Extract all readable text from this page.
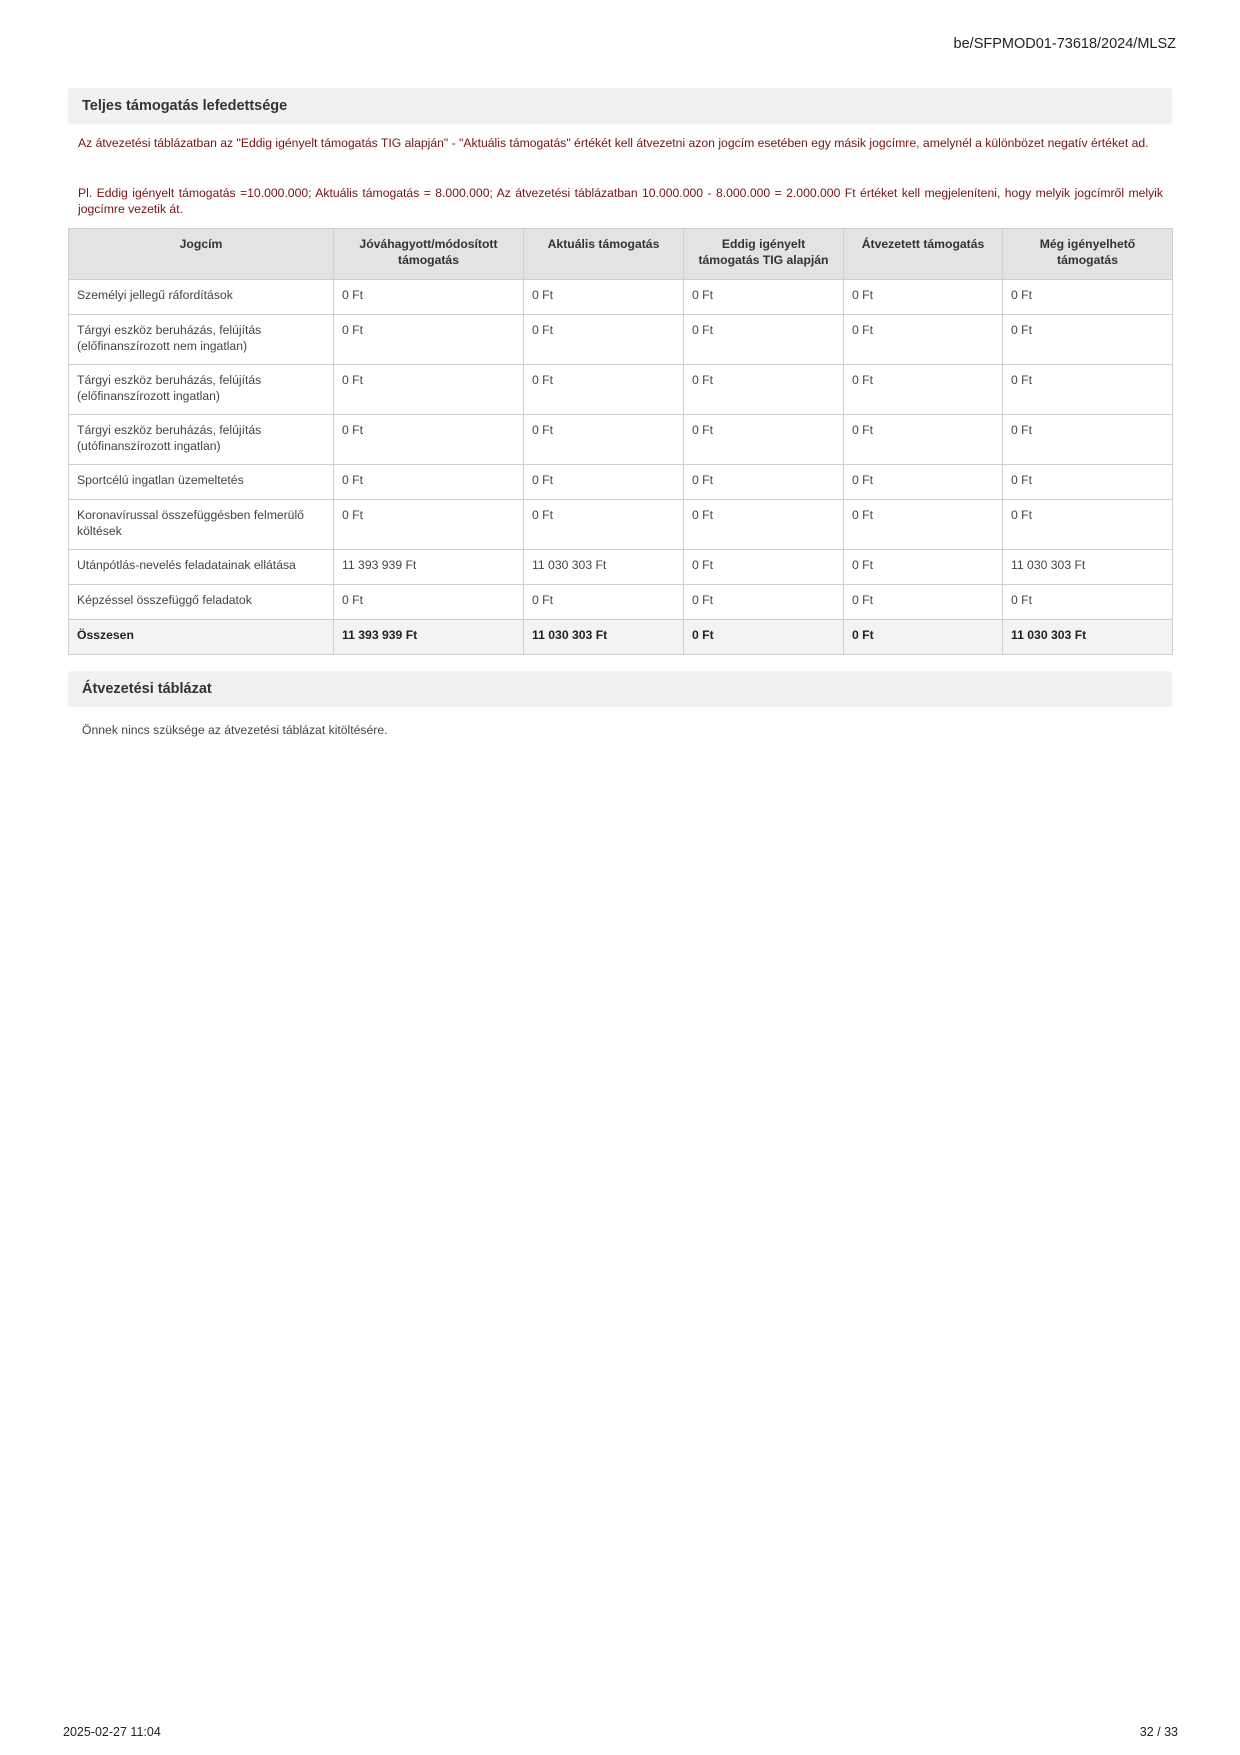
be/SFPMOD01-73618/2024/MLSZ
Teljes támogatás lefedettsége
Az átvezetési táblázatban az "Eddig igényelt támogatás TIG alapján" - "Aktuális támogatás" értékét kell átvezetni azon jogcím esetében egy másik jogcímre, amelynél a különbözet negatív értéket ad.
Pl. Eddig igényelt támogatás =10.000.000; Aktuális támogatás = 8.000.000; Az átvezetési táblázatban 10.000.000 - 8.000.000 = 2.000.000 Ft értéket kell megjeleníteni, hogy melyik jogcímről melyik jogcímre vezetik át.
Jogcím	Jóváhagyott/módosított támogatás	Aktuális támogatás	Eddig igényelt támogatás TIG alapján	Átvezetett támogatás	Még igényelhető támogatás
Személyi jellegű ráfordítások	0 Ft	0 Ft	0 Ft	0 Ft	0 Ft
Tárgyi eszköz beruházás, felújítás (előfinanszírozott nem ingatlan)	0 Ft	0 Ft	0 Ft	0 Ft	0 Ft
Tárgyi eszköz beruházás, felújítás (előfinanszírozott ingatlan)	0 Ft	0 Ft	0 Ft	0 Ft	0 Ft
Tárgyi eszköz beruházás, felújítás (utófinanszírozott ingatlan)	0 Ft	0 Ft	0 Ft	0 Ft	0 Ft
Sportcélú ingatlan üzemeltetés	0 Ft	0 Ft	0 Ft	0 Ft	0 Ft
Koronavírussal összefüggésben felmerülő költések	0 Ft	0 Ft	0 Ft	0 Ft	0 Ft
Utánpótlás-nevelés feladatainak ellátása	11 393 939 Ft	11 030 303 Ft	0 Ft	0 Ft	11 030 303 Ft
Képzéssel összefüggő feladatok	0 Ft	0 Ft	0 Ft	0 Ft	0 Ft
Összesen	11 393 939 Ft	11 030 303 Ft	0 Ft	0 Ft	11 030 303 Ft
Átvezetési táblázat
Önnek nincs szüksége az átvezetési táblázat kitöltésére.
2025-02-27 11:04	32 / 33
